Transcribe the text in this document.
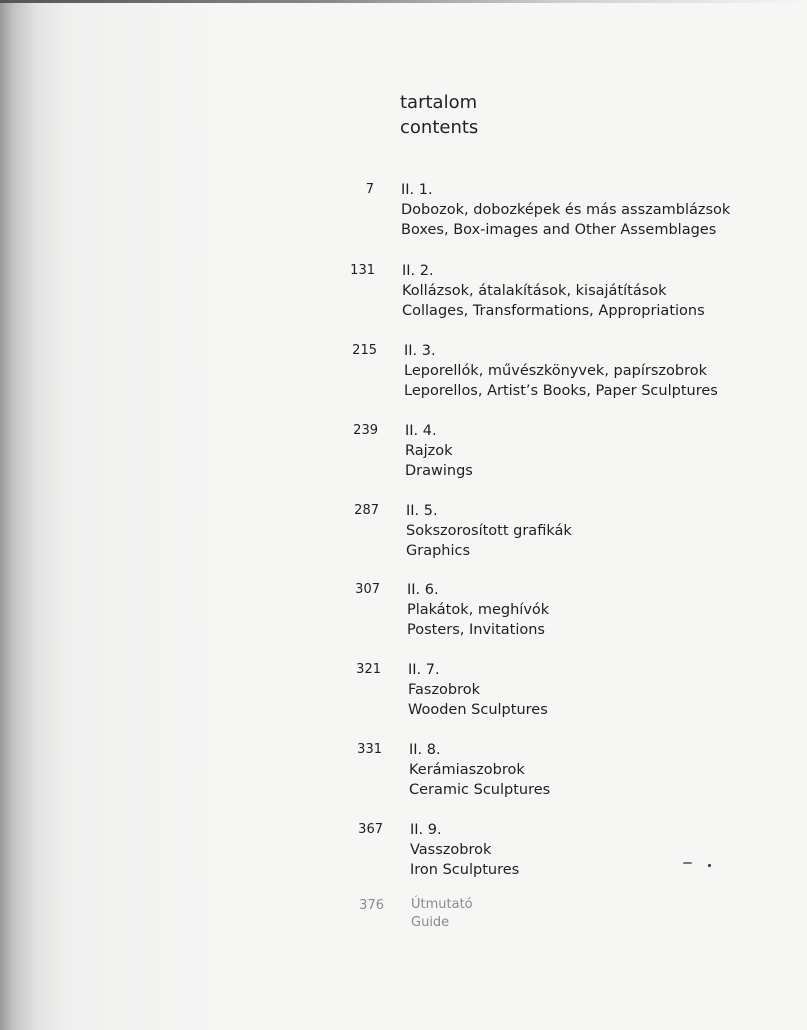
tartalom
contents
7 II. 1.
Dobozok, dobozképek és más asszamblázsok
Boxes, Box-images and Other Assemblages
131 II. 2.
Kollázsok, átalakítások, kisajátítások
Collages, Transformations, Appropriations
215 II. 3.
Leporellók, művészkönyvek, papírszobrok
Leporellos, Artist’s Books, Paper Sculptures
239 II. 4.
Rajzok
Drawings
287 II. 5.
Sokszorosított grafikák
Graphics
307 II. 6.
Plakátok, meghívók
Posters, Invitations
321 II. 7.
Faszobrok
Wooden Sculptures
331 II. 8.
Kerámiaszobrok
Ceramic Sculptures
367 II. 9.
Vasszobrok
Iron Sculptures
376 Útmutató
Guide
